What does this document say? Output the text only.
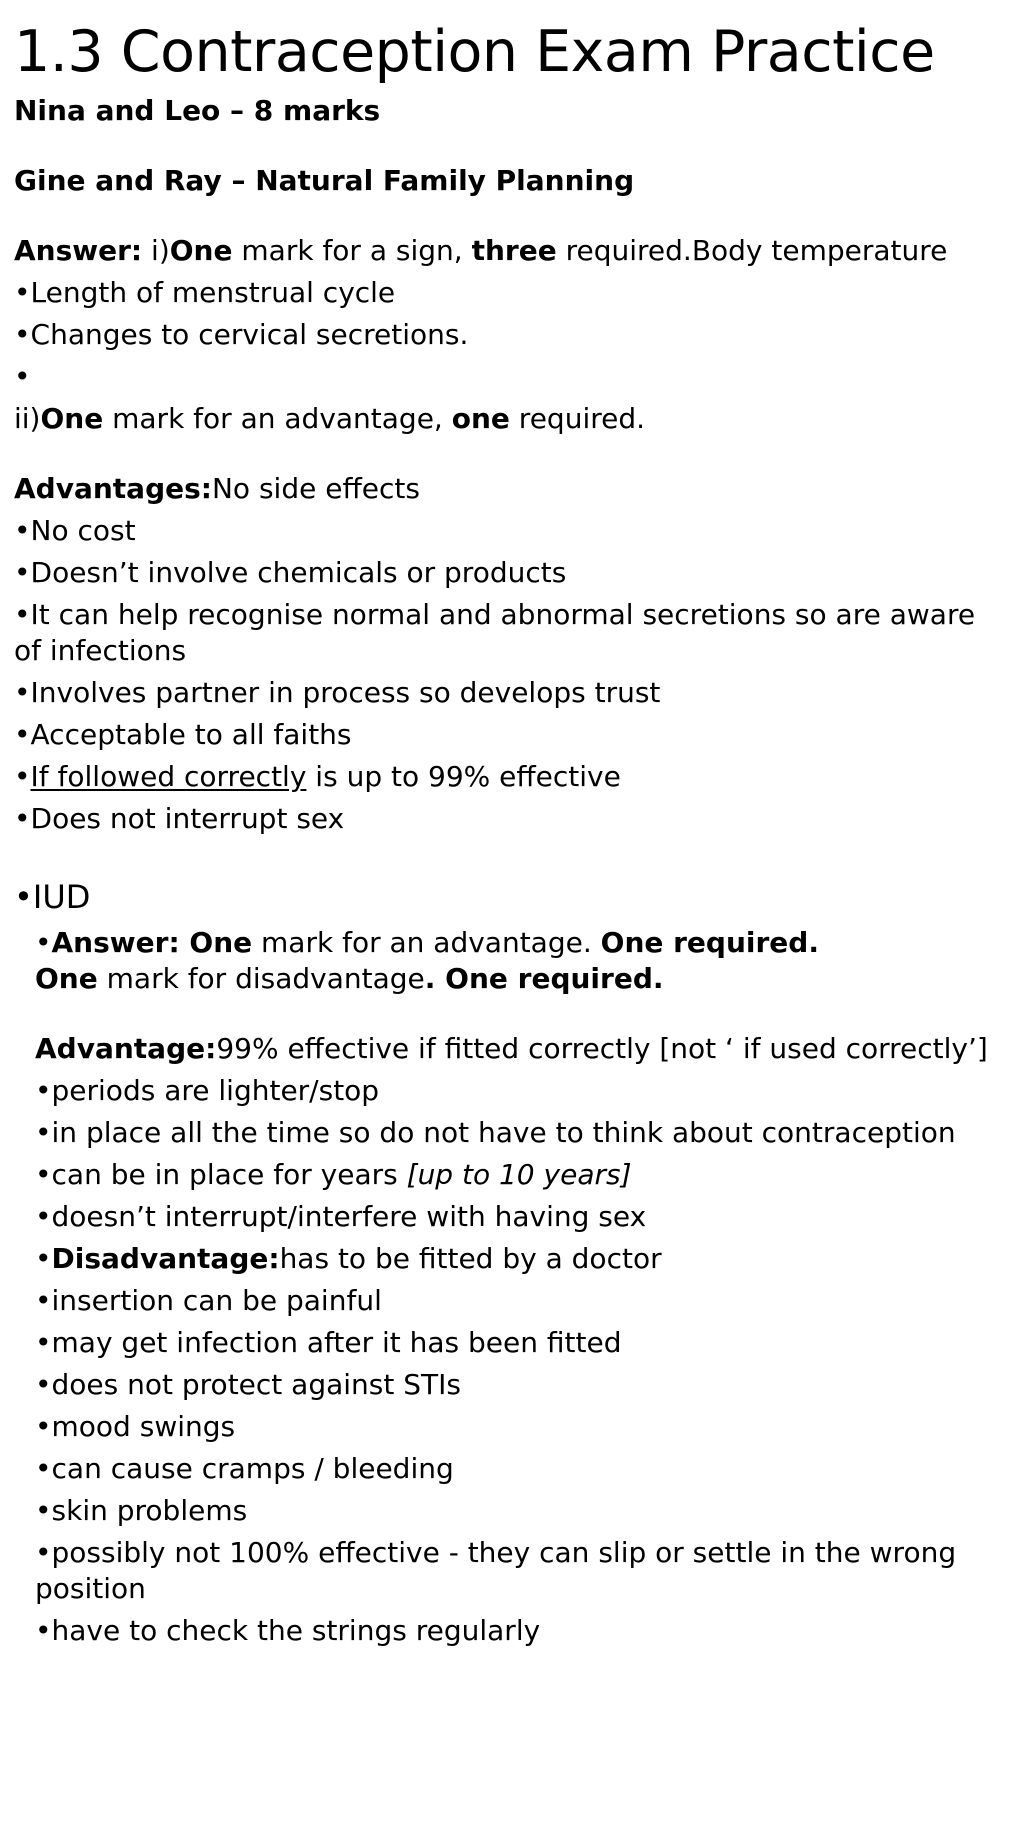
1.3 Contraception Exam Practice

Nina and Leo – 8 marks

Gine and Ray – Natural Family Planning

Answer: i)One mark for a sign, three required.Body temperature

•Length of menstrual cycle

•Changes to cervical secretions.

•

ii)One mark for an advantage, one required.

Advantages:No side effects

•No cost

•Doesn’t involve chemicals or products

•It can help recognise normal and abnormal secretions so are aware of infections

•Involves partner in process so develops trust

•Acceptable to all faiths

•If followed correctly is up to 99% effective

•Does not interrupt sex

•IUD

•Answer: One mark for an advantage. One required.
One mark for disadvantage. One required.

Advantage:99% effective if fitted correctly [not ‘ if used correctly’]

•periods are lighter/stop

•in place all the time so do not have to think about contraception

•can be in place for years [up to 10 years]

•doesn’t interrupt/interfere with having sex

•Disadvantage:has to be fitted by a doctor

•insertion can be painful

•may get infection after it has been fitted

•does not protect against STIs

•mood swings

•can cause cramps / bleeding

•skin problems

•possibly not 100% effective - they can slip or settle in the wrong position

•have to check the strings regularly
